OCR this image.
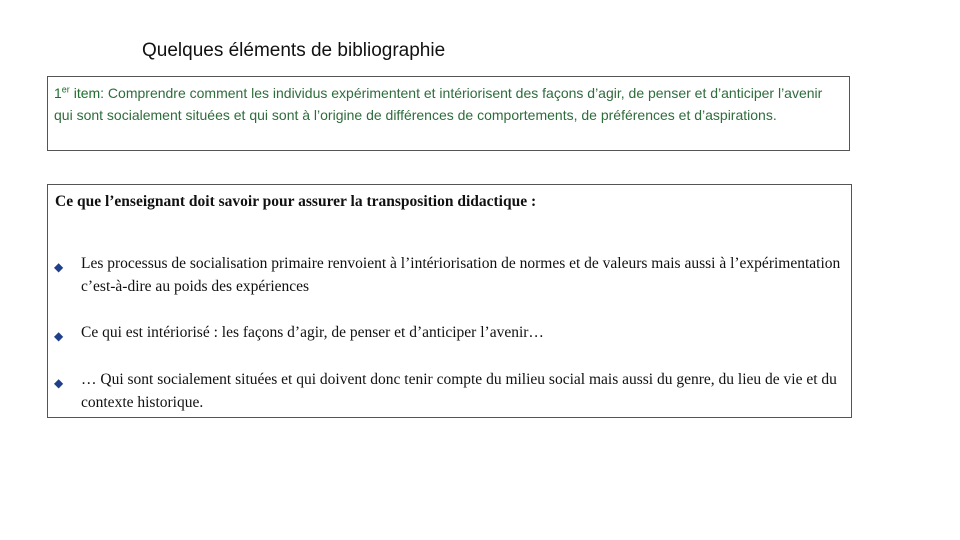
Quelques éléments de bibliographie
1er item: Comprendre comment les individus expérimentent et intériorisent des façons d’agir, de penser et d’anticiper l’avenir qui sont socialement situées et qui sont à l’origine de différences de comportements, de préférences et d’aspirations.
Ce que l’enseignant doit savoir pour assurer la transposition didactique :
◆ Les processus de socialisation primaire renvoient à l’intériorisation de normes et de valeurs mais aussi à l’expérimentation c’est-à-dire au poids des expériences
◆ Ce qui est intériorisé : les façons d’agir, de penser et d’anticiper l’avenir…
◆ … Qui sont socialement situées et qui doivent donc tenir compte du milieu social mais aussi du genre, du lieu de vie et du contexte historique.
